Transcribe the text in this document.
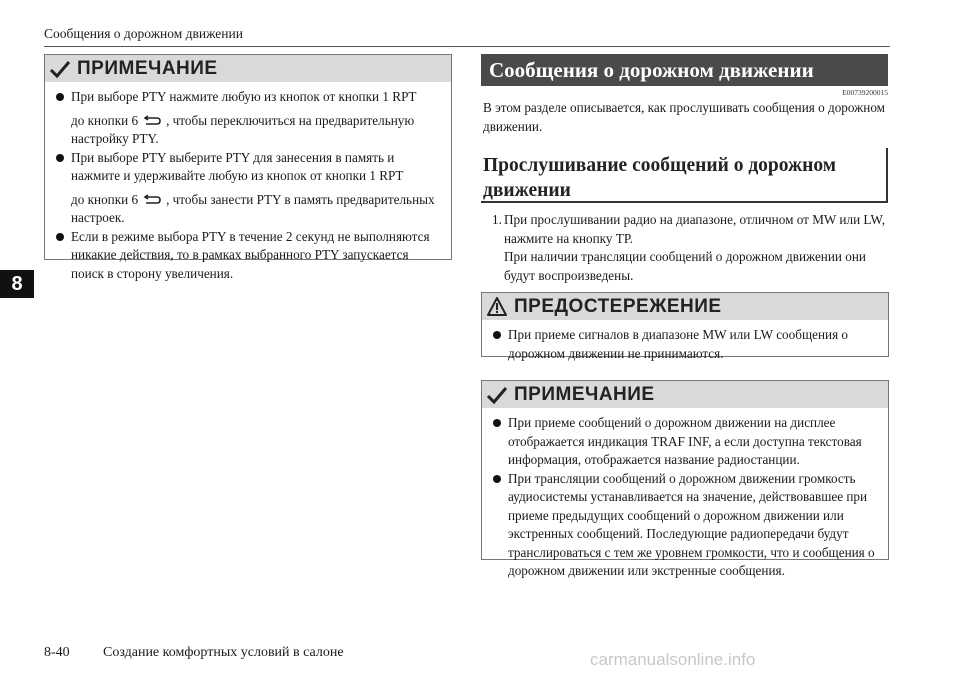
Сообщения о дорожном движении
8
ПРИМЕЧАНИЕ
При выборе PTY нажмите любую из кнопок от кнопки 1 RPT
до кнопки 6 , чтобы переключиться на предварительную

настройку PTY.
При выборе PTY выберите PTY для занесения в память и
нажмите и удерживайте любую из кнопок от кнопки 1 RPT
до кнопки 6 , чтобы занести PTY в память предварительных

настроек.
Если в режиме выбора PTY в течение 2 секунд не выполняются никакие действия, то в рамках выбранного PTY запускается поиск в сторону увеличения.
Сообщения о дорожном движении
E00739200015
В этом разделе описывается, как прослушивать сообщения о дорожном движении.
Прослушивание сообщений о дорожном движении
1. При прослушивании радио на диапазоне, отличном от MW или LW, нажмите на кнопку TP.
При наличии трансляции сообщений о дорожном движении они будут воспроизведены.
ПРЕДОСТЕРЕЖЕНИЕ
При приеме сигналов в диапазоне MW или LW сообщения о дорожном движении не принимаются.
ПРИМЕЧАНИЕ
При приеме сообщений о дорожном движении на дисплее отображается индикация TRAF INF, а если доступна текстовая информация, отображается название радиостанции.
При трансляции сообщений о дорожном движении громкость аудиосистемы устанавливается на значение, действовавшее при приеме предыдущих сообщений о дорожном движении или экстренных сообщений. Последующие радиопередачи будут транслироваться с тем же уровнем громкости, что и сообщения о дорожном движении или экстренные сообщения.
8-40 Создание комфортных условий в салоне	carmanualsonline.info
